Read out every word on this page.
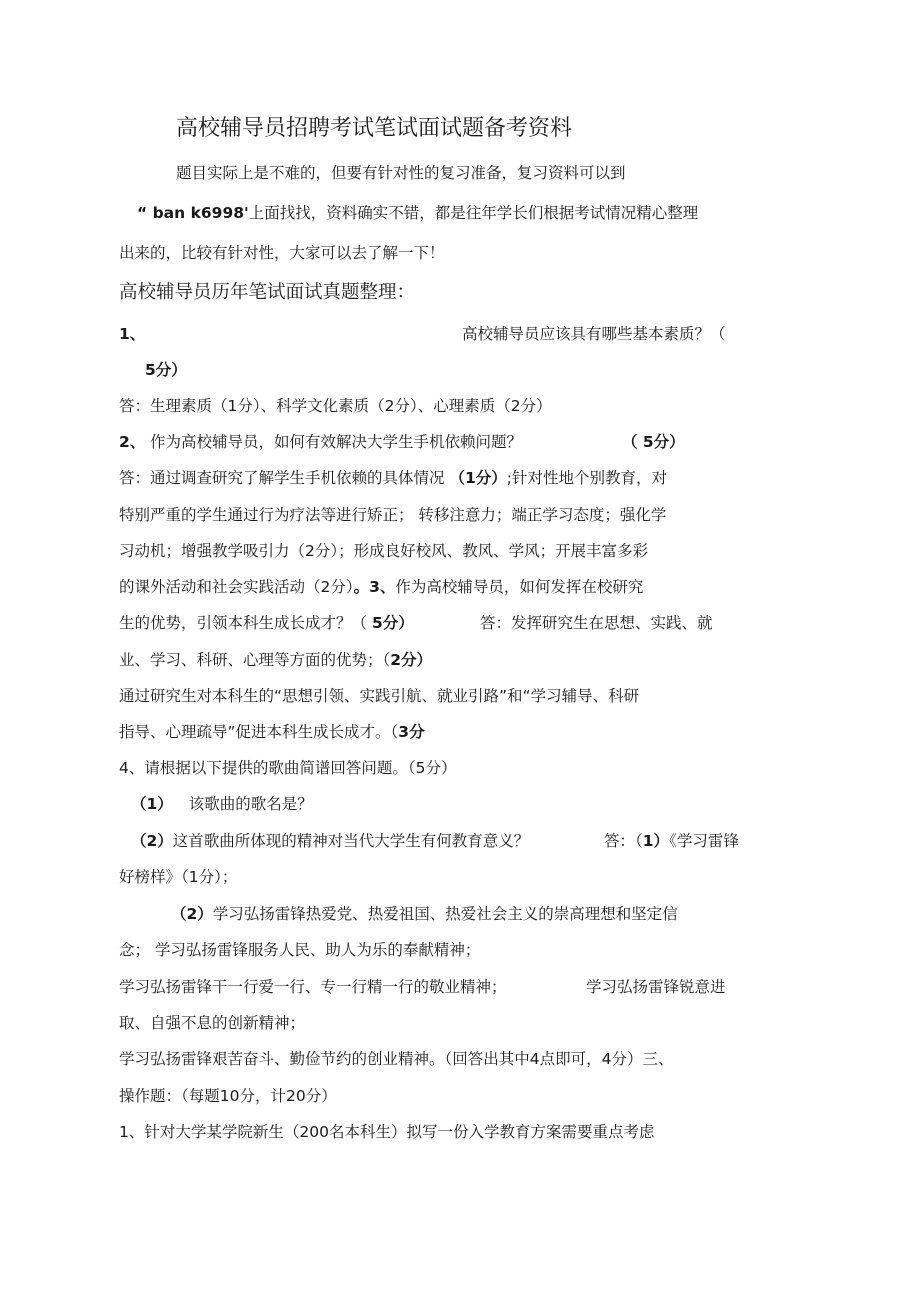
高校辅导员招聘考试笔试面试题备考资料
题目实际上是不难的，但要有针对性的复习准备，复习资料可以到
“ ban k6998'上面找找，资料确实不错，都是往年学长们根据考试情况精心整理
出来的，比较有针对性，大家可以去了解一下！
高校辅导员历年笔试面试真题整理：
1、	高校辅导员应该具有哪些基本素质？（
5分）
答：生理素质（1分）、科学文化素质（2分）、心理素质（2分）
2、 作为高校辅导员，如何有效解决大学生手机依赖问题？	（ 5分）
答：通过调查研究了解学生手机依赖的具体情况 （1分）;针对性地个别教育，对
特别严重的学生通过行为疗法等进行矫正； 转移注意力；端正学习态度；强化学
习动机；增强教学吸引力（2分）；形成良好校风、教风、学风；开展丰富多彩
的课外活动和社会实践活动（2分）。3、作为高校辅导员，如何发挥在校研究
生的优势，引领本科生成长成才？（ 5分）	答：发挥研究生在思想、实践、就
业、学习、科研、心理等方面的优势；（2分）
通过研究生对本科生的“思想引领、实践引航、就业引路”和“学习辅导、科研
指导、心理疏导”促进本科生成长成才。（3分
4、请根据以下提供的歌曲简谱回答问题。（5分）
（1） 该歌曲的歌名是？
（2）这首歌曲所体现的精神对当代大学生有何教育意义？	答：（1）《学习雷锋
好榜样》（1分）；
（2）学习弘扬雷锋热爱党、热爱祖国、热爱社会主义的崇高理想和坚定信
念； 学习弘扬雷锋服务人民、助人为乐的奉献精神；
学习弘扬雷锋干一行爱一行、专一行精一行的敬业精神；	学习弘扬雷锋锐意进
取、自强不息的创新精神；
学习弘扬雷锋艰苦奋斗、勤俭节约的创业精神。（回答出其中4点即可，4分）三、
操作题：（每题10分，计20分）
1、针对大学某学院新生（200名本科生）拟写一份入学教育方案需要重点考虑
